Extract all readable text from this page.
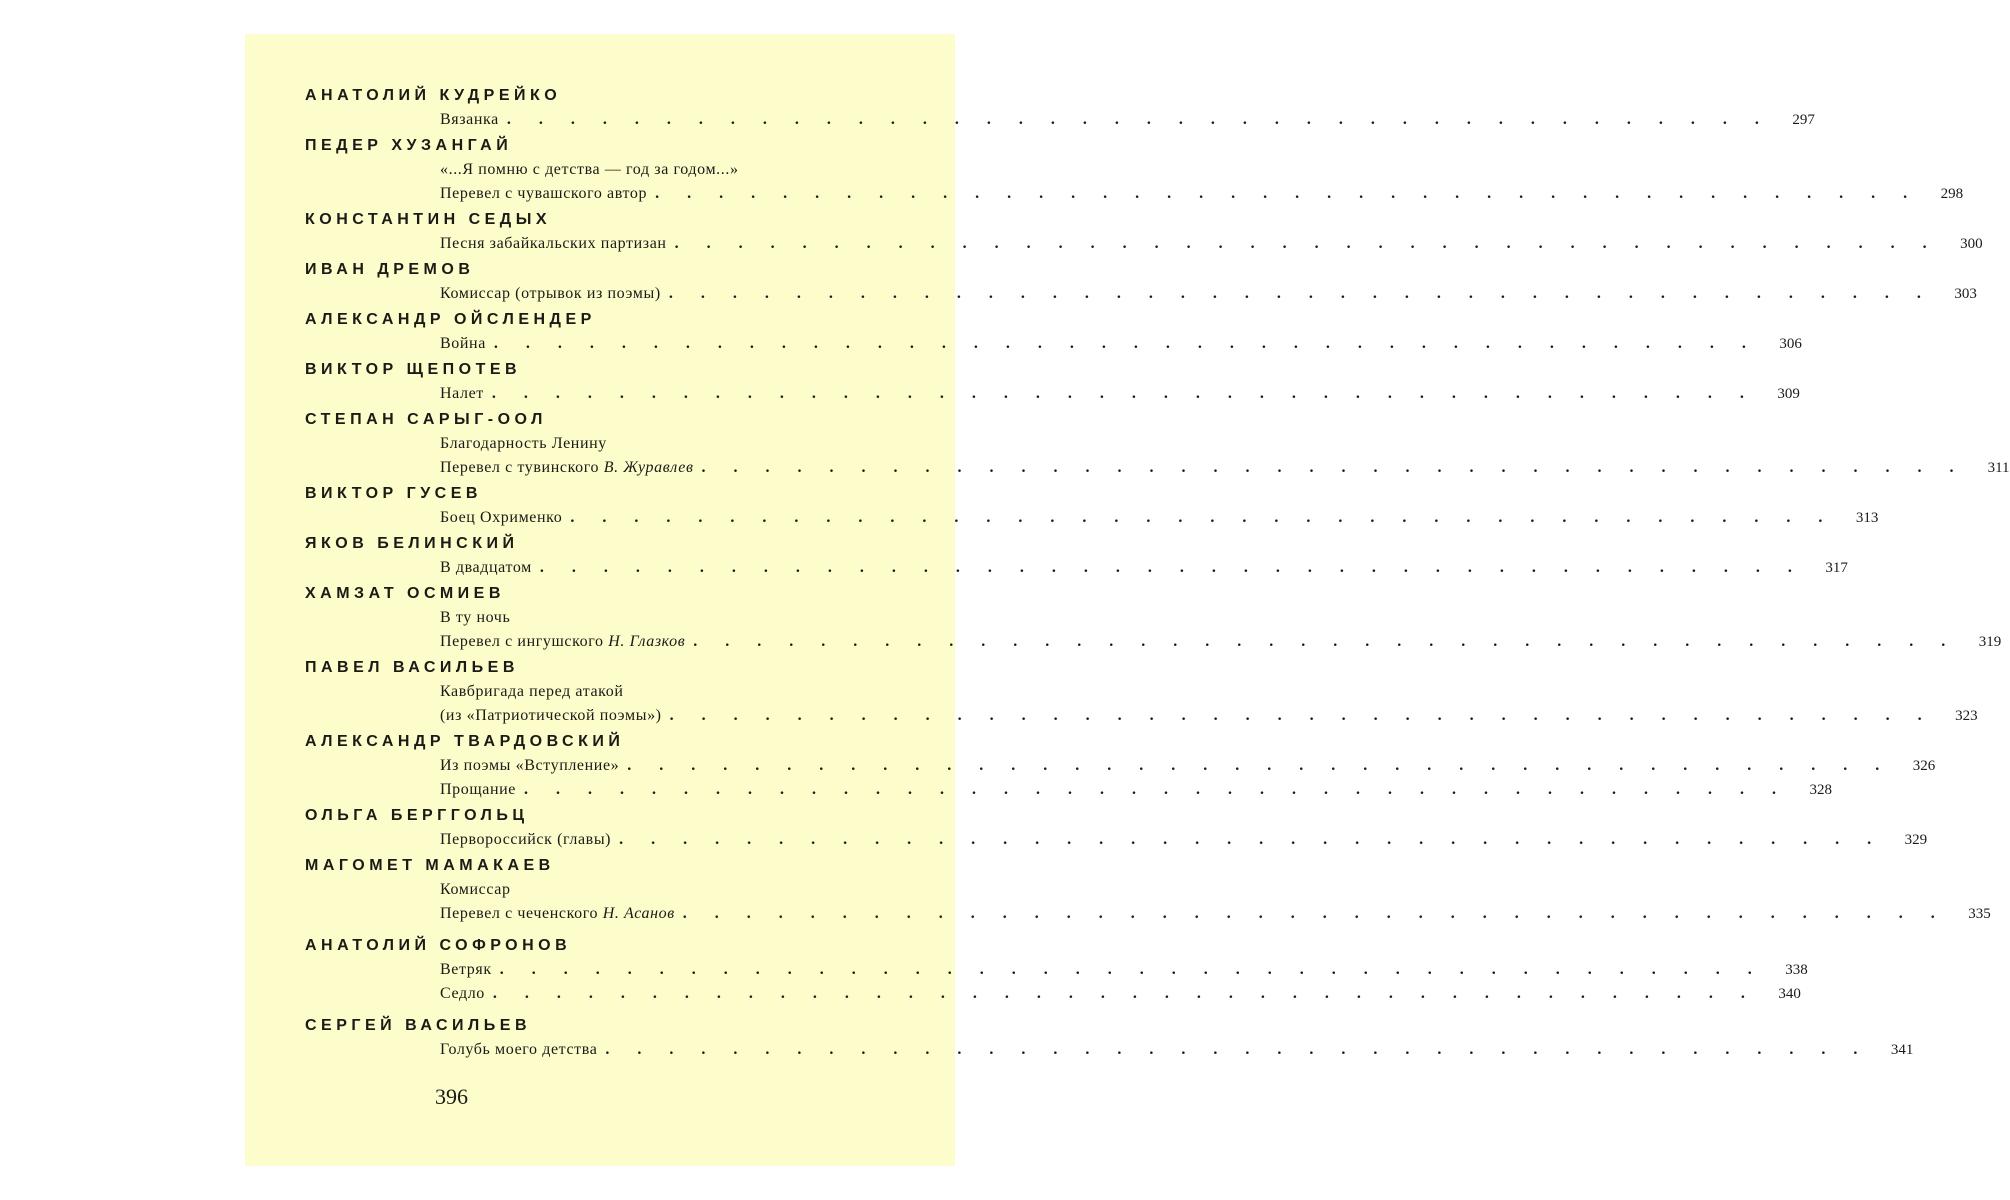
АНАТОЛИЙ КУДРЕЙКО
Вязанка . . . . . . . . . . . . . . . . . . . . . . . . . . . . . . . . . . . . . . . .	297
ПЕДЕР ХУЗАНГАЙ
«...Я помню с детства — год за годом...»
Перевел с чувашского автор . . . . . . . . . . . . . . . . . . . . . . . . . . . . . . . . . . . . . . . .	298
КОНСТАНТИН СЕДЫХ
Песня забайкальских партизан . . . . . . . . . . . . . . . . . . . . . . . . . . . . . . . . . . . . . . . .	300
ИВАН ДРЕМОВ
Комиссар (отрывок из поэмы) . . . . . . . . . . . . . . . . . . . . . . . . . . . . . . . . . . . . . . . .	303
АЛЕКСАНДР ОЙСЛЕНДЕР
Война . . . . . . . . . . . . . . . . . . . . . . . . . . . . . . . . . . . . . . . .	306
ВИКТОР ЩЕПОТЕВ
Налет . . . . . . . . . . . . . . . . . . . . . . . . . . . . . . . . . . . . . . . .	309
СТЕПАН САРЫГ-ООЛ
Благодарность Ленину
Перевел с тувинского В. Журавлев . . . . . . . . . . . . . . . . . . . . . . . . . . . . . . . . . . . . . . . .	311
ВИКТОР ГУСЕВ
Боец Охрименко . . . . . . . . . . . . . . . . . . . . . . . . . . . . . . . . . . . . . . . .	313
ЯКОВ БЕЛИНСКИЙ
В двадцатом . . . . . . . . . . . . . . . . . . . . . . . . . . . . . . . . . . . . . . . .	317
ХАМЗАТ ОСМИЕВ
В ту ночь
Перевел с ингушского Н. Глазков . . . . . . . . . . . . . . . . . . . . . . . . . . . . . . . . . . . . . . . .	319
ПАВЕЛ ВАСИЛЬЕВ
Кавбригада перед атакой
(из «Патриотической поэмы») . . . . . . . . . . . . . . . . . . . . . . . . . . . . . . . . . . . . . . . .	323
АЛЕКСАНДР ТВАРДОВСКИЙ
Из поэмы «Вступление» . . . . . . . . . . . . . . . . . . . . . . . . . . . . . . . . . . . . . . . .	326
Прощание . . . . . . . . . . . . . . . . . . . . . . . . . . . . . . . . . . . . . . . .	328
ОЛЬГА БЕРГГОЛЬЦ
Первороссийск (главы) . . . . . . . . . . . . . . . . . . . . . . . . . . . . . . . . . . . . . . . .	329
МАГОМЕТ МАМАКАЕВ
Комиссар
Перевел с чеченского Н. Асанов . . . . . . . . . . . . . . . . . . . . . . . . . . . . . . . . . . . . . . . .	335
АНАТОЛИЙ СОФРОНОВ
Ветряк . . . . . . . . . . . . . . . . . . . . . . . . . . . . . . . . . . . . . . . .	338
Седло . . . . . . . . . . . . . . . . . . . . . . . . . . . . . . . . . . . . . . . .	340
СЕРГЕЙ ВАСИЛЬЕВ
Голубь моего детства . . . . . . . . . . . . . . . . . . . . . . . . . . . . . . . . . . . . . . . .	341
396
